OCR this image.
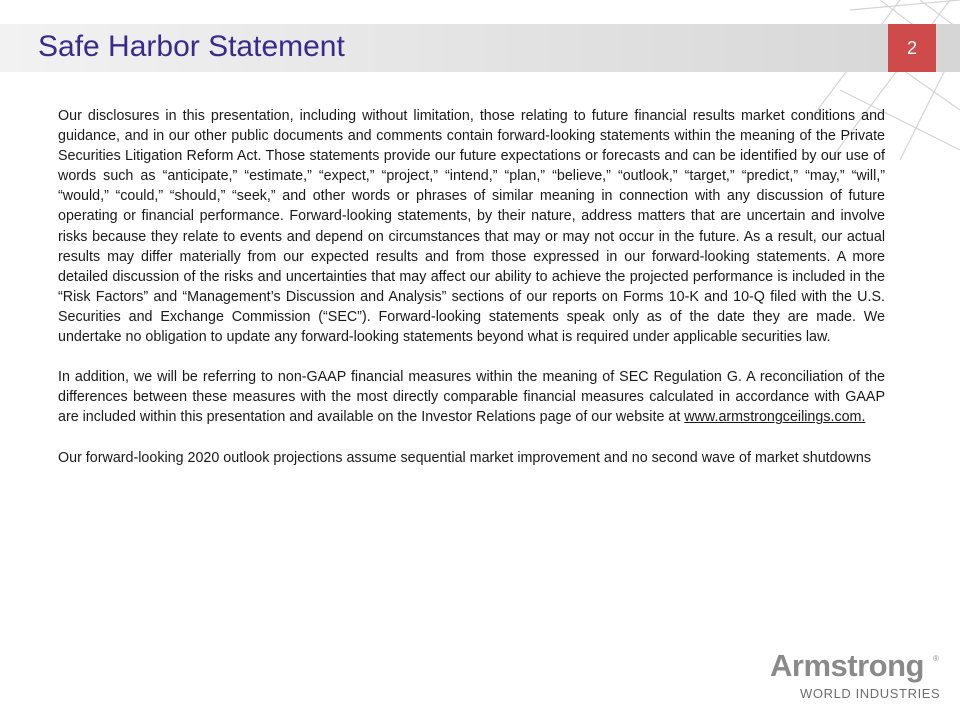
Safe Harbor Statement	2

Our disclosures in this presentation, including without limitation, those relating to future financial results market conditions and guidance, and in our other public documents and comments contain forward-looking statements within the meaning of the Private Securities Litigation Reform Act. Those statements provide our future expectations or forecasts and can be identified by our use of words such as “anticipate,” “estimate,” “expect,” “project,” “intend,” “plan,” “believe,” “outlook,” “target,” “predict,” “may,” “will,” “would,” “could,” “should,” “seek,” and other words or phrases of similar meaning in connection with any discussion of future operating or financial performance. Forward-looking statements, by their nature, address matters that are uncertain and involve risks because they relate to events and depend on circumstances that may or may not occur in the future. As a result, our actual results may differ materially from our expected results and from those expressed in our forward-looking statements. A more detailed discussion of the risks and uncertainties that may affect our ability to achieve the projected performance is included in the “Risk Factors” and “Management’s Discussion and Analysis” sections of our reports on Forms 10-K and 10-Q filed with the U.S. Securities and Exchange Commission (“SEC”). Forward-looking statements speak only as of the date they are made. We undertake no obligation to update any forward-looking statements beyond what is required under applicable securities law.

In addition, we will be referring to non-GAAP financial measures within the meaning of SEC Regulation G. A reconciliation of the differences between these measures with the most directly comparable financial measures calculated in accordance with GAAP are included within this presentation and available on the Investor Relations page of our website at www.armstrongceilings.com.

Our forward-looking 2020 outlook projections assume sequential market improvement and no second wave of market shutdowns

Armstrong ®
WORLD INDUSTRIES
